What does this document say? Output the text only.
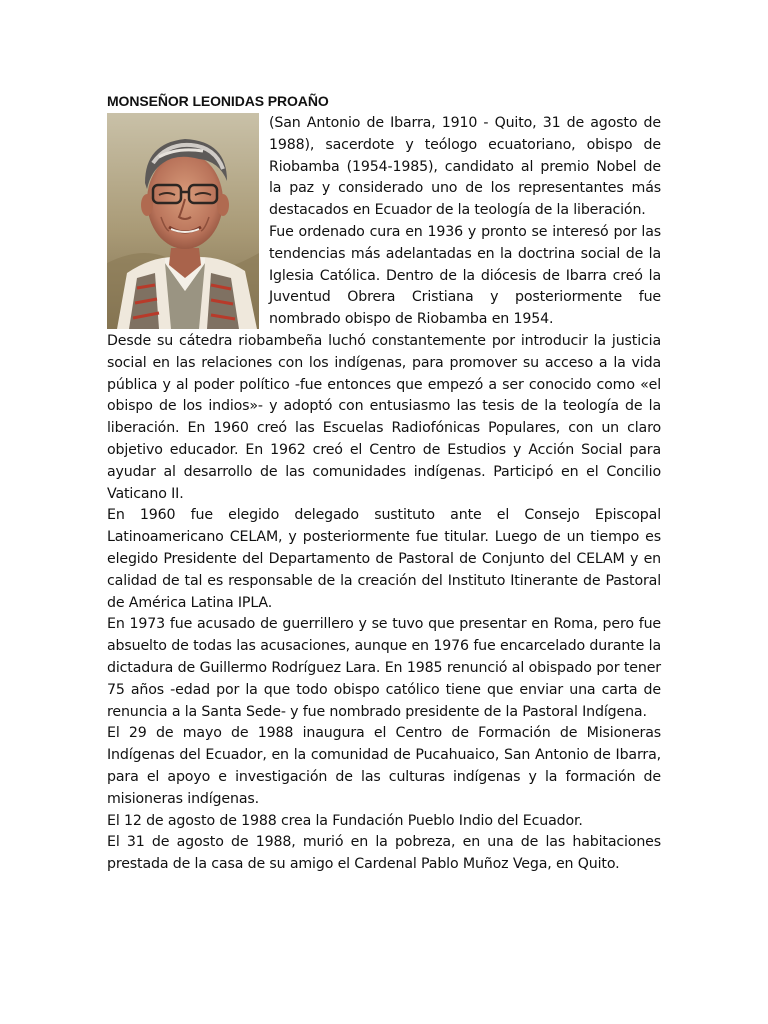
MONSEÑOR LEONIDAS PROAÑO

(San Antonio de Ibarra, 1910 - Quito, 31 de agosto de 1988), sacerdote y teólogo ecuatoriano, obispo de Riobamba (1954-1985), candidato al premio Nobel de la paz y considerado uno de los representantes más destacados en Ecuador de la teología de la liberación.

Fue ordenado cura en 1936 y pronto se interesó por las tendencias más adelantadas en la doctrina social de la Iglesia Católica. Dentro de la diócesis de Ibarra creó la Juventud Obrera Cristiana y posteriormente fue nombrado obispo de Riobamba en 1954.

Desde su cátedra riobambeña luchó constantemente por introducir la justicia social en las relaciones con los indígenas, para promover su acceso a la vida pública y al poder político -fue entonces que empezó a ser conocido como «el obispo de los indios»- y adoptó con entusiasmo las tesis de la teología de la liberación. En 1960 creó las Escuelas Radiofónicas Populares, con un claro objetivo educador. En 1962 creó el Centro de Estudios y Acción Social para ayudar al desarrollo de las comunidades indígenas. Participó en el Concilio Vaticano II.

En 1960 fue elegido delegado sustituto ante el Consejo Episcopal Latinoamericano CELAM, y posteriormente fue titular. Luego de un tiempo es elegido Presidente del Departamento de Pastoral de Conjunto del CELAM y en calidad de tal es responsable de la creación del Instituto Itinerante de Pastoral de América Latina IPLA.

En 1973 fue acusado de guerrillero y se tuvo que presentar en Roma, pero fue absuelto de todas las acusaciones, aunque en 1976 fue encarcelado durante la dictadura de Guillermo Rodríguez Lara. En 1985 renunció al obispado por tener 75 años -edad por la que todo obispo católico tiene que enviar una carta de renuncia a la Santa Sede- y fue nombrado presidente de la Pastoral Indígena.

El 29 de mayo de 1988 inaugura el Centro de Formación de Misioneras Indígenas del Ecuador, en la comunidad de Pucahuaico, San Antonio de Ibarra, para el apoyo e investigación de las culturas indígenas y la formación de misioneras indígenas.

El 12 de agosto de 1988 crea la Fundación Pueblo Indio del Ecuador.

El 31 de agosto de 1988, murió en la pobreza, en una de las habitaciones prestada de la casa de su amigo el Cardenal Pablo Muñoz Vega, en Quito.
